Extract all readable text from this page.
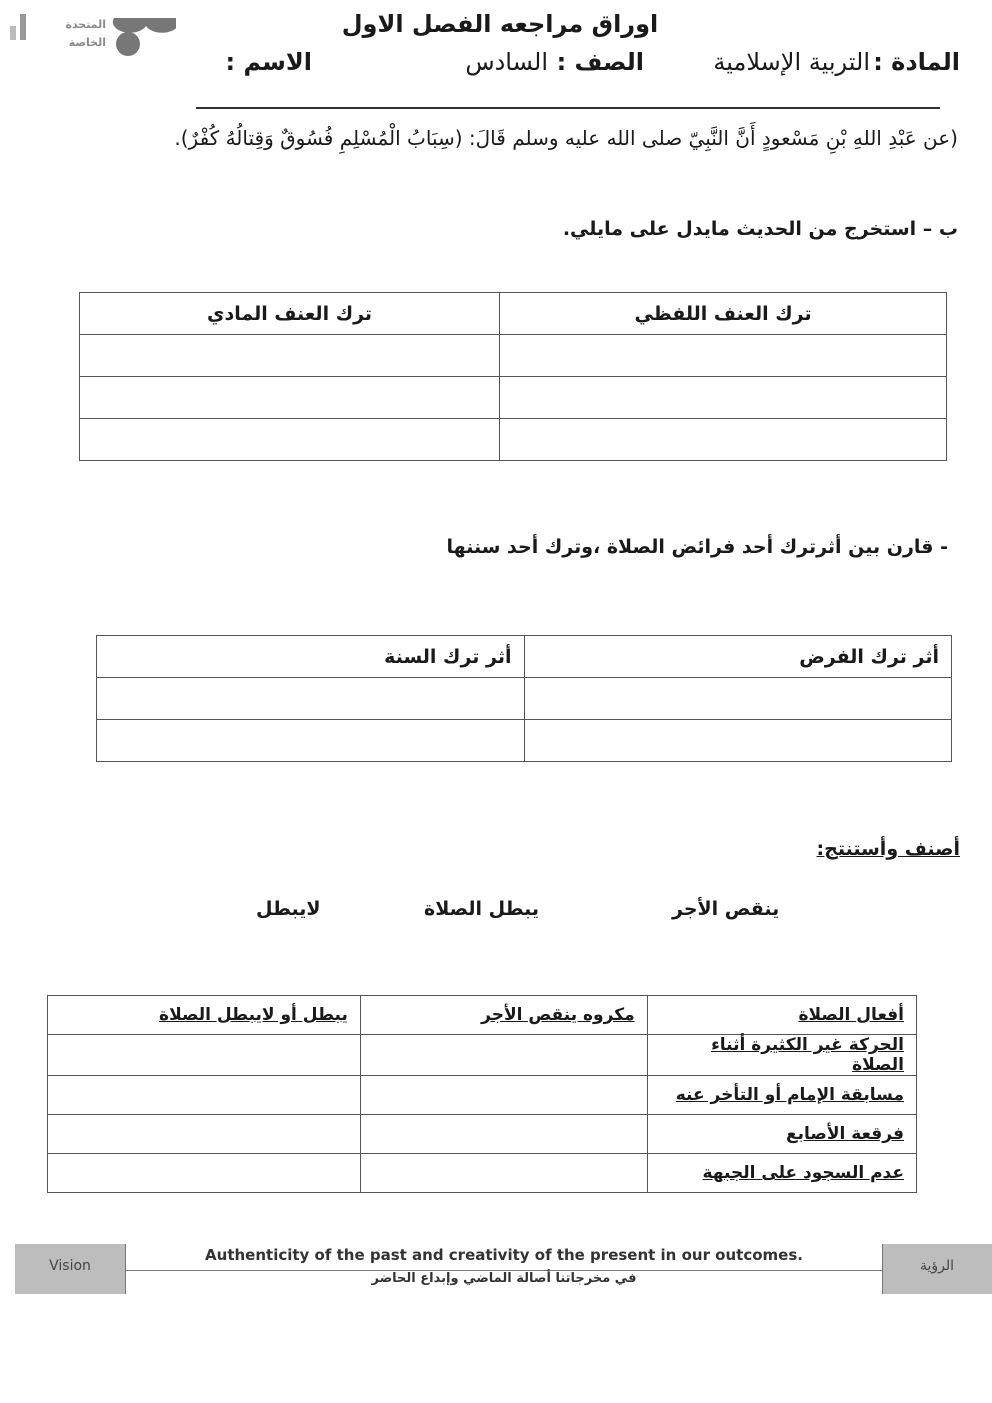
المتحدة
الخاصة
اوراق مراجعه الفصل الاول
المادة :
التربية الإسلامية
الصف :
السادس
الاسم :
(عن عَبْدِ اللهِ بْنِ مَسْعودٍ أَنَّ النَّبِيّ صلى الله عليه وسلم قَالَ: (سِبَابُ الْمُسْلِمِ فُسُوقٌ وَقِتالُهُ كُفْرٌ).
ب – استخرج من الحديث مايدل على مايلي.
ترك العنف اللفظي	ترك العنف المادي

- قارن بين أثرترك أحد فرائض الصلاة ،وترك أحد سننها
أثر ترك الفرض	أثر ترك السنة

:أصنف وأستنتج
ينقص الأجر
يبطل الصلاة
لايبطل
أفعال الصلاة	مكروه ينقص الأجر	يبطل أو لايبطل الصلاة
الحركة غير الكثيرة أثناء الصلاة		
مسابقة الإمام أو التأخر عنه		
فرقعة الأصابع		
عدم السجود على الجبهة		
Vision
Authenticity of the past and creativity of the present in our outcomes.
في مخرجاتنا أصالة الماضي وإبداع الحاضر
الرؤية
